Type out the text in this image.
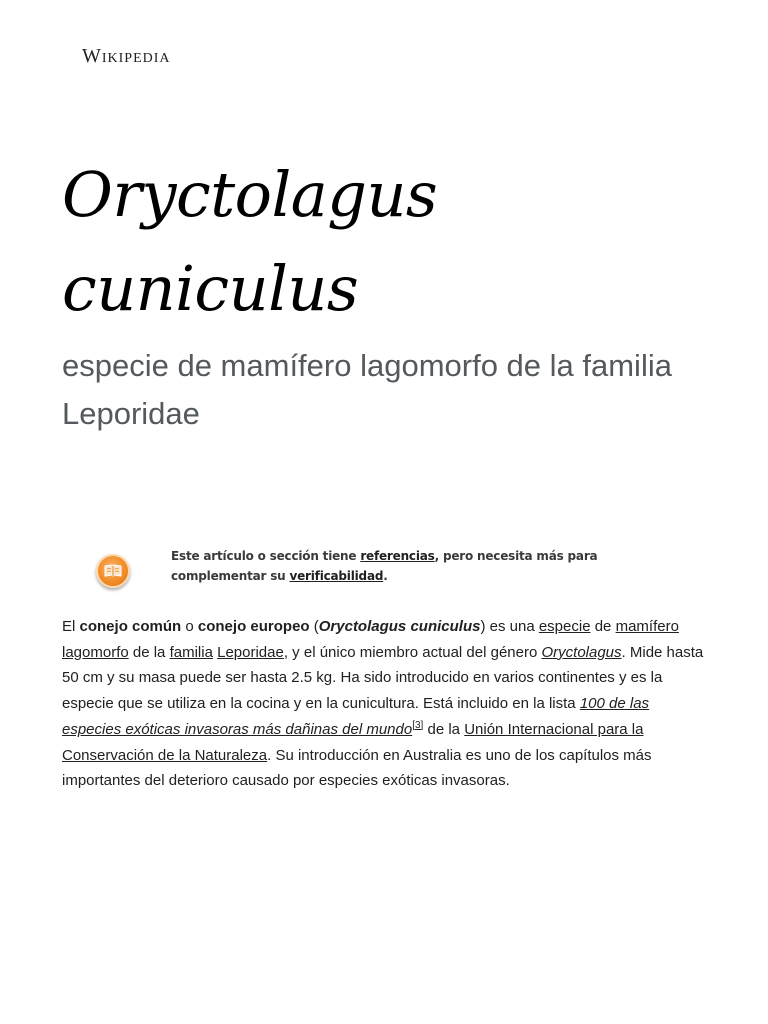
Wikipedia
Oryctolagus
cuniculus

especie de mamífero lagomorfo de la familia Leporidae

Este artículo o sección tiene referencias, pero necesita más para complementar su verificabilidad.

El conejo común o conejo europeo (Oryctolagus cuniculus) es una especie de mamífero lagomorfo de la familia Leporidae, y el único miembro actual del género Oryctolagus. Mide hasta 50 cm y su masa puede ser hasta 2.5 kg. Ha sido introducido en varios continentes y es la especie que se utiliza en la cocina y en la cunicultura. Está incluido en la lista 100 de las especies exóticas invasoras más dañinas del mundo[3] de la Unión Internacional para la Conservación de la Naturaleza. Su introducción en Australia es uno de los capítulos más importantes del deterioro causado por especies exóticas invasoras.
